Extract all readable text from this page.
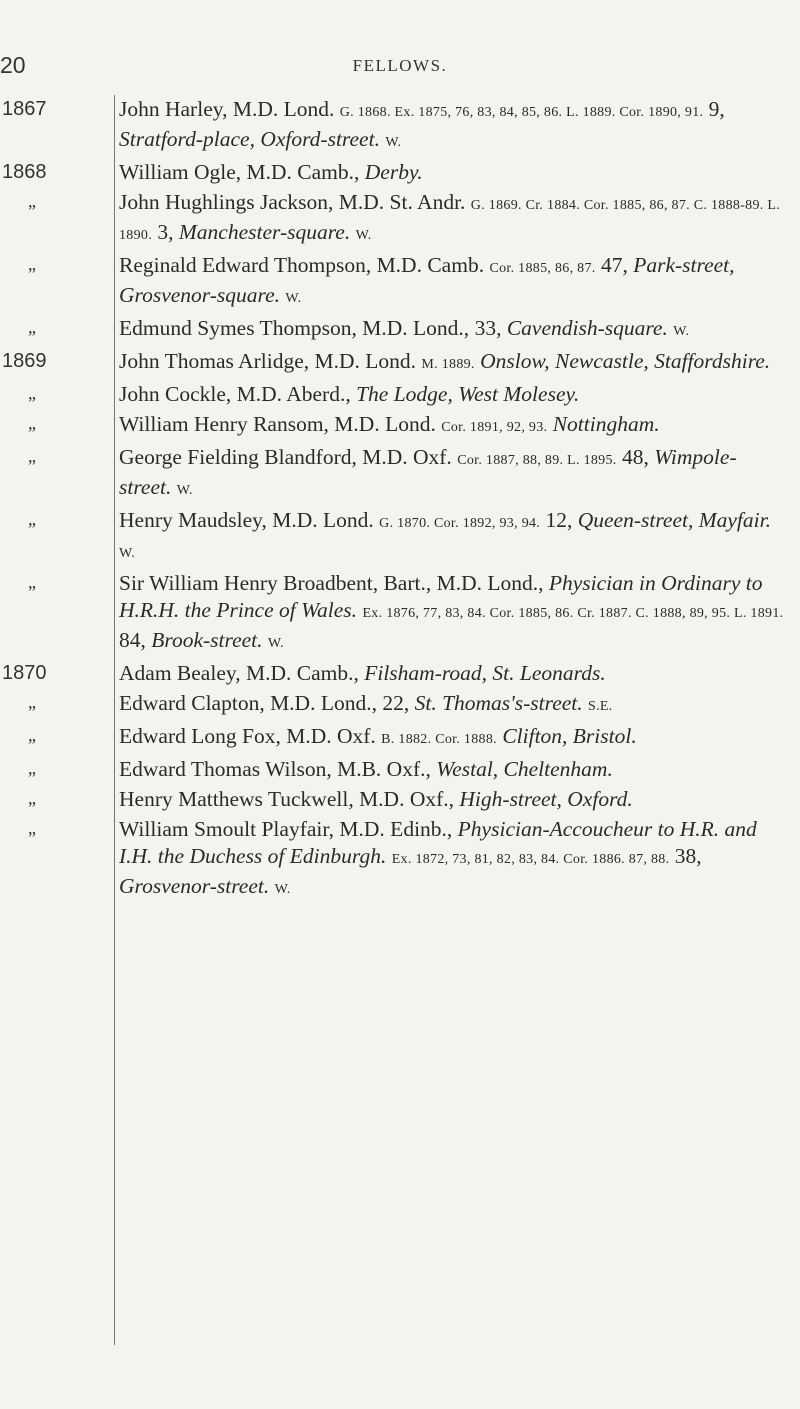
20	FELLOWS.
1867	John Harley, M.D. Lond. G. 1868. Ex. 1875, 76, 83, 84, 85, 86. L. 1889. Cor. 1890, 91. 9, Stratford-place, Oxford-street. W.
1868	William Ogle, M.D. Camb., Derby.
„	John Hughlings Jackson, M.D. St. Andr. G. 1869. Cr. 1884. Cor. 1885, 86, 87. C. 1888-89. L. 1890. 3, Manchester-square. W.
„	Reginald Edward Thompson, M.D. Camb. Cor. 1885, 86, 87. 47, Park-street, Grosvenor-square. W.
„	Edmund Symes Thompson, M.D. Lond., 33, Cavendish-square. W.
1869	John Thomas Arlidge, M.D. Lond. M. 1889. Onslow, Newcastle, Staffordshire.
„	John Cockle, M.D. Aberd., The Lodge, West Molesey.
„	William Henry Ransom, M.D. Lond. Cor. 1891, 92, 93. Nottingham.
„	George Fielding Blandford, M.D. Oxf. Cor. 1887, 88, 89. L. 1895. 48, Wimpole-street. W.
„	Henry Maudsley, M.D. Lond. G. 1870. Cor. 1892, 93, 94. 12, Queen-street, Mayfair. W.
„	Sir William Henry Broadbent, Bart., M.D. Lond., Physician in Ordinary to H.R.H. the Prince of Wales. Ex. 1876, 77, 83, 84. Cor. 1885, 86. Cr. 1887. C. 1888, 89, 95. L. 1891. 84, Brook-street. W.
1870	Adam Bealey, M.D. Camb., Filsham-road, St. Leonards.
„	Edward Clapton, M.D. Lond., 22, St. Thomas's-street. S.E.
„	Edward Long Fox, M.D. Oxf. B. 1882. Cor. 1888. Clifton, Bristol.
„	Edward Thomas Wilson, M.B. Oxf., Westal, Cheltenham.
„	Henry Matthews Tuckwell, M.D. Oxf., High-street, Oxford.
„	William Smoult Playfair, M.D. Edinb., Physician-Accoucheur to H.R. and I.H. the Duchess of Edinburgh. Ex. 1872, 73, 81, 82, 83, 84. Cor. 1886. 87, 88. 38, Grosvenor-street. W.
